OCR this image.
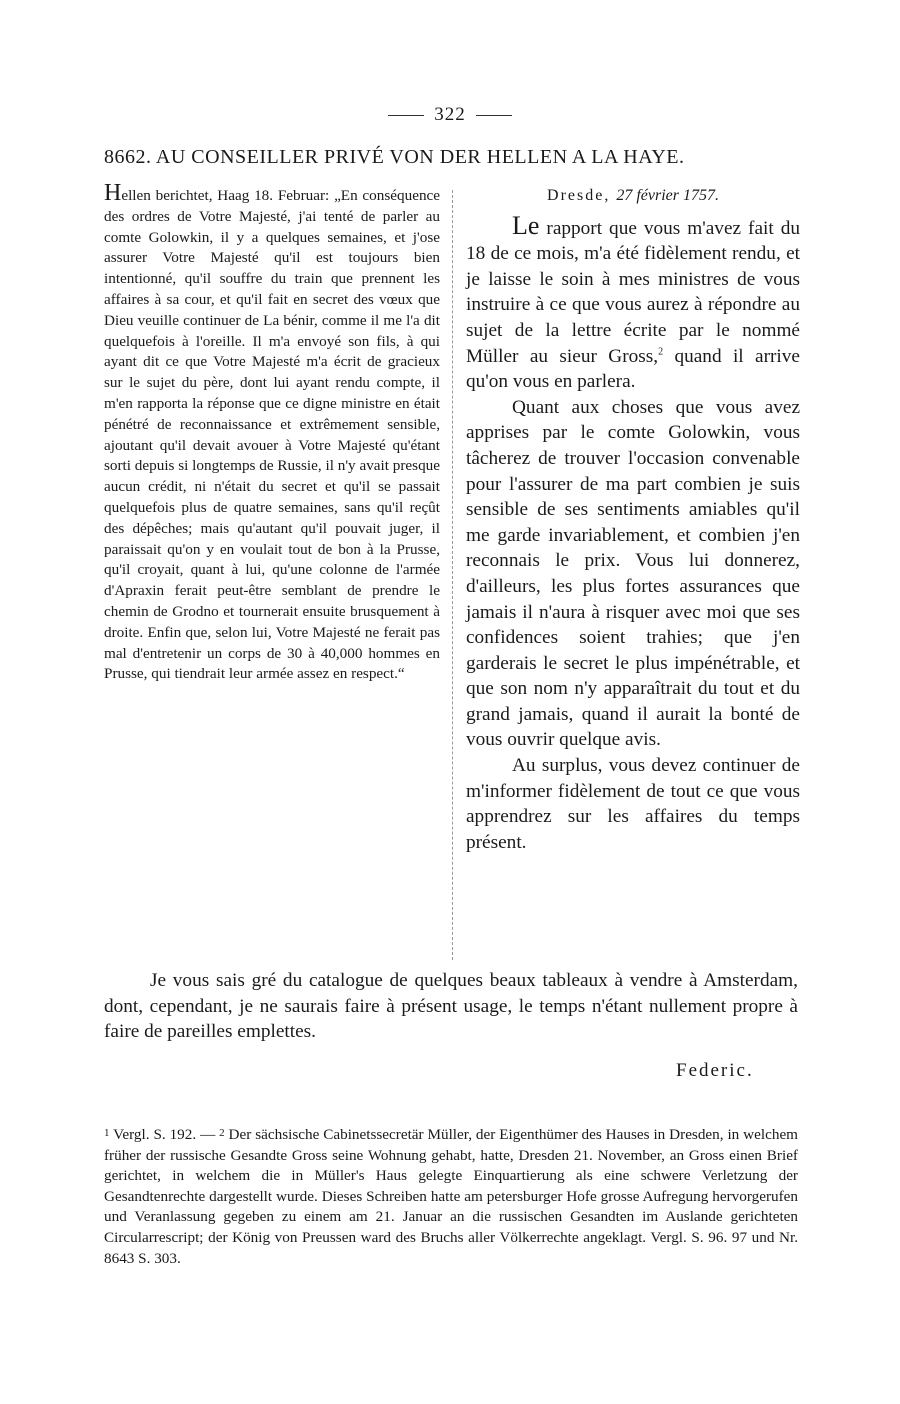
322
8662. AU CONSEILLER PRIVÉ VON DER HELLEN A LA HAYE.
Hellen berichtet, Haag 18. Februar: „En conséquence des ordres de Votre Majesté, j'ai tenté de parler au comte Golowkin, il y a quelques semaines, et j'ose assurer Votre Majesté qu'il est toujours bien intentionné, qu'il souffre du train que prennent les affaires à sa cour, et qu'il fait en secret des vœux que Dieu veuille continuer de La bénir, comme il me l'a dit quelquefois à l'oreille. Il m'a envoyé son fils, à qui ayant dit ce que Votre Majesté m'a écrit de gracieux sur le sujet du père, dont lui ayant rendu compte, il m'en rapporta la réponse que ce digne ministre en était pénétré de reconnaissance et extrêmement sensible, ajoutant qu'il devait avouer à Votre Majesté qu'étant sorti depuis si longtemps de Russie, il n'y avait presque aucun crédit, ni n'était du secret et qu'il se passait quelquefois plus de quatre semaines, sans qu'il reçût des dépêches; mais qu'autant qu'il pouvait juger, il paraissait qu'on y en voulait tout de bon à la Prusse, qu'il croyait, quant à lui, qu'une colonne de l'armée d'Apraxin ferait peut-être semblant de prendre le chemin de Grodno et tournerait ensuite brusquement à droite. Enfin que, selon lui, Votre Majesté ne ferait pas mal d'entretenir un corps de 30 à 40,000 hommes en Prusse, qui tiendrait leur armée assez en respect.“
Dresde, 27 février 1757.

Le rapport que vous m'avez fait du 18 de ce mois, m'a été fidèlement rendu, et je laisse le soin à mes ministres de vous instruire à ce que vous aurez à répondre au sujet de la lettre écrite par le nommé Müller au sieur Gross,$^2$ quand il arrive qu'on vous en parlera.

Quant aux choses que vous avez apprises par le comte Golowkin, vous tâcherez de trouver l'occasion convenable pour l'assurer de ma part combien je suis sensible de ses sentiments amiables qu'il me garde invariablement, et combien j'en reconnais le prix. Vous lui donnerez, d'ailleurs, les plus fortes assurances que jamais il n'aura à risquer avec moi que ses confidences soient trahies; que j'en garderais le secret le plus impénétrable, et que son nom n'y apparaîtrait du tout et du grand jamais, quand il aurait la bonté de vous ouvrir quelque avis.

Au surplus, vous devez continuer de m'informer fidèlement de tout ce que vous apprendrez sur les affaires du temps présent.

Je vous sais gré du catalogue de quelques beaux tableaux à vendre à Amsterdam, dont, cependant, je ne saurais faire à présent usage, le temps n'étant nullement propre à faire de pareilles emplettes.

Federic.

1 Vergl. S. 192. — 2 Der sächsische Cabinetssecretär Müller, der Eigenthümer des Hauses in Dresden, in welchem früher der russische Gesandte Gross seine Wohnung gehabt, hatte, Dresden 21. November, an Gross einen Brief gerichtet, in welchem die in Müller's Haus gelegte Einquartierung als eine schwere Verletzung der Gesandtenrechte dargestellt wurde. Dieses Schreiben hatte am petersburger Hofe grosse Aufregung hervorgerufen und Veranlassung gegeben zu einem am 21. Januar an die russischen Gesandten im Auslande gerichteten Circularrescript; der König von Preussen ward des Bruchs aller Völkerrechte angeklagt. Vergl. S. 96. 97 und Nr. 8643 S. 303.
